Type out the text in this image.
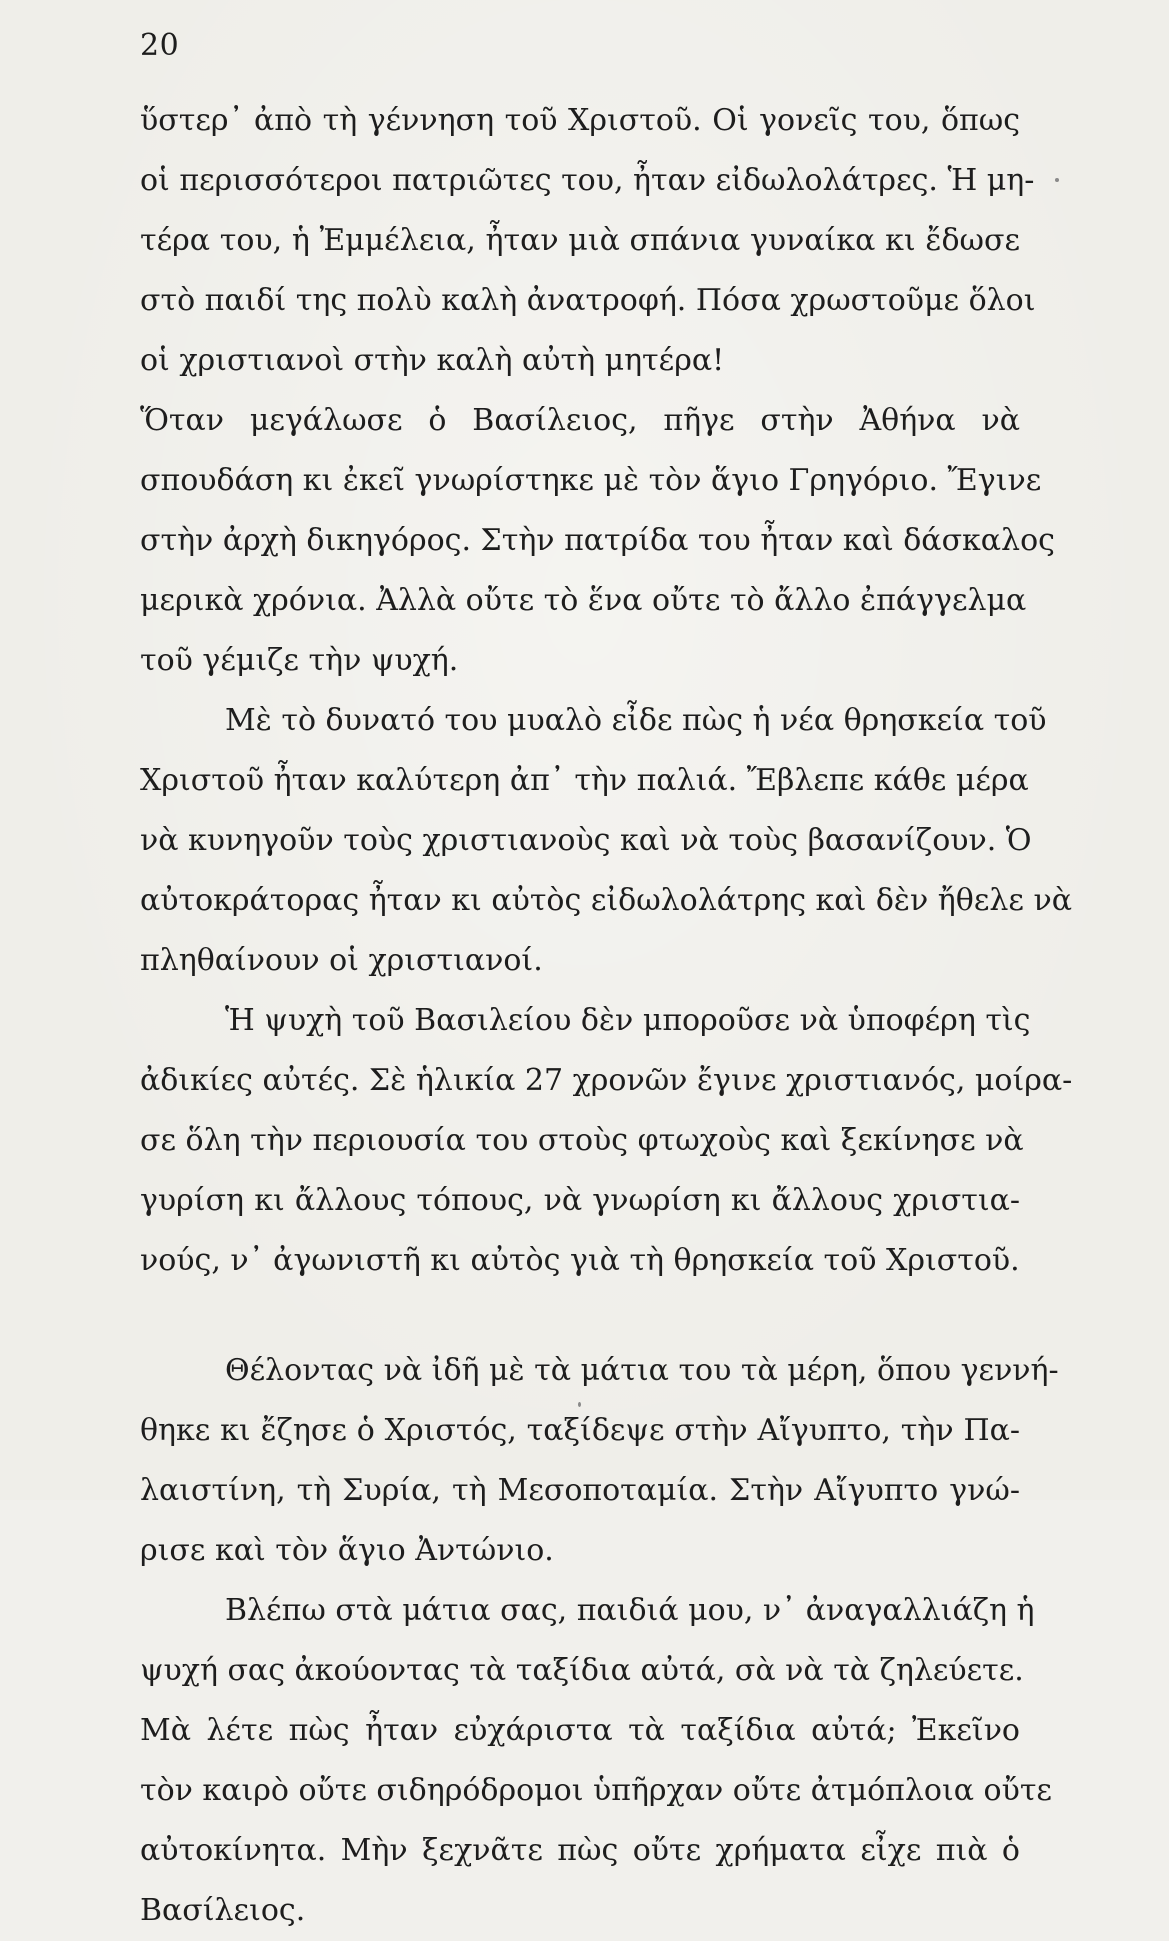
20
ὕστερ᾽ ἀπὸ τὴ γέννηση τοῦ Χριστοῦ. Οἱ γονεῖς του, ὅπως
οἱ περισσότεροι πατριῶτες του, ἦταν εἰδωλολάτρες. Ἡ μη-
τέρα του, ἡ Ἐμμέλεια, ἦταν μιὰ σπάνια γυναίκα κι ἔδωσε
στὸ παιδί της πολὺ καλὴ ἀνατροφή. Πόσα χρωστοῦμε ὅλοι
οἱ χριστιανοὶ στὴν καλὴ αὐτὴ μητέρα!
Ὅταν μεγάλωσε ὁ Βασίλειος, πῆγε στὴν Ἀθήνα νὰ
σπουδάση κι ἐκεῖ γνωρίστηκε μὲ τὸν ἅγιο Γρηγόριο. Ἔγινε
στὴν ἀρχὴ δικηγόρος. Στὴν πατρίδα του ἦταν καὶ δάσκαλος
μερικὰ χρόνια. Ἀλλὰ οὔτε τὸ ἕνα οὔτε τὸ ἄλλο ἐπάγγελμα
τοῦ γέμιζε τὴν ψυχή.
Μὲ τὸ δυνατό του μυαλὸ εἶδε πὼς ἡ νέα θρησκεία τοῦ
Χριστοῦ ἦταν καλύτερη ἀπ᾽ τὴν παλιά. Ἔβλεπε κάθε μέρα
νὰ κυνηγοῦν τοὺς χριστιανοὺς καὶ νὰ τοὺς βασανίζουν. Ὁ
αὐτοκράτορας ἦταν κι αὐτὸς εἰδωλολάτρης καὶ δὲν ἤθελε νὰ
πληθαίνουν οἱ χριστιανοί.
Ἡ ψυχὴ τοῦ Βασιλείου δὲν μποροῦσε νὰ ὑποφέρη τὶς
ἀδικίες αὐτές. Σὲ ἡλικία 27 χρονῶν ἔγινε χριστιανός, μοίρα-
σε ὅλη τὴν περιουσία του στοὺς φτωχοὺς καὶ ξεκίνησε νὰ
γυρίση κι ἄλλους τόπους, νὰ γνωρίση κι ἄλλους χριστια-
νούς, ν᾽ ἀγωνιστῆ κι αὐτὸς γιὰ τὴ θρησκεία τοῦ Χριστοῦ.
Θέλοντας νὰ ἰδῆ μὲ τὰ μάτια του τὰ μέρη, ὅπου γεννή-
θηκε κι ἔζησε ὁ Χριστός, ταξίδεψε στὴν Αἴγυπτο, τὴν Πα-
λαιστίνη, τὴ Συρία, τὴ Μεσοποταμία. Στὴν Αἴγυπτο γνώ-
ρισε καὶ τὸν ἅγιο Ἀντώνιο.
Βλέπω στὰ μάτια σας, παιδιά μου, ν᾽ ἀναγαλλιάζη ἡ
ψυχή σας ἀκούοντας τὰ ταξίδια αὐτά, σὰ νὰ τὰ ζηλεύετε.
Μὰ λέτε πὼς ἦταν εὐχάριστα τὰ ταξίδια αὐτά; Ἐκεῖνο
τὸν καιρὸ οὔτε σιδηρόδρομοι ὑπῆρχαν οὔτε ἀτμόπλοια οὔτε
αὐτοκίνητα. Μὴν ξεχνᾶτε πὼς οὔτε χρήματα εἶχε πιὰ ὁ
Βασίλειος.
